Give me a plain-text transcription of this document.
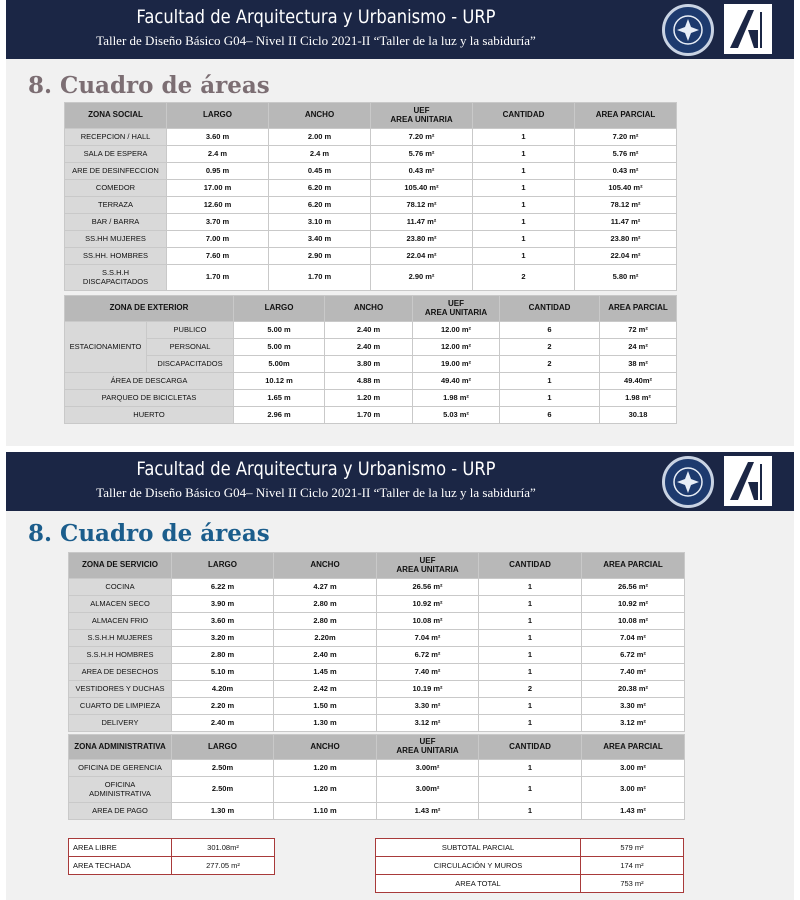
Facultad de Arquitectura y Urbanismo - URP
Taller de Diseño Básico G04– Nivel II Ciclo 2021-II “Taller de la luz y la sabiduría”
8. Cuadro de áreas
ZONA SOCIAL	LARGO	ANCHO	UEF
AREA UNITARIA	CANTIDAD	AREA PARCIAL
RECEPCION / HALL	3.60 m	2.00 m	7.20 m²	1	7.20 m²
SALA DE ESPERA	2.4 m	2.4 m	5.76 m²	1	5.76 m²
ARE DE DESINFECCION	0.95 m	0.45 m	0.43 m²	1	0.43 m²
COMEDOR	17.00 m	6.20 m	105.40 m²	1	105.40 m²
TERRAZA	12.60 m	6.20 m	78.12 m²	1	78.12 m²
BAR / BARRA	3.70 m	3.10 m	11.47 m²	1	11.47 m²
SS.HH MUJERES	7.00 m	3.40 m	23.80 m²	1	23.80 m²
SS.HH. HOMBRES	7.60 m	2.90 m	22.04 m²	1	22.04 m²
S.S.H.H
DISCAPACITADOS	1.70 m	1.70 m	2.90 m²	2	5.80 m²
ZONA DE EXTERIOR		LARGO	ANCHO	UEF
AREA UNITARIA	CANTIDAD	AREA PARCIAL
ESTACIONAMIENTO	PUBLICO	5.00 m	2.40 m	12.00 m²	6	72 m²
	PERSONAL	5.00 m	2.40 m	12.00 m²	2	24 m²
	DISCAPACITADOS	5.00m	3.80 m	19.00 m²	2	38 m²
ÁREA DE DESCARGA		10.12 m	4.88 m	49.40 m²	1	49.40m²
PARQUEO DE BICICLETAS		1.65 m	1.20 m	1.98 m²	1	1.98 m²
HUERTO		2.96 m	1.70 m	5.03 m²	6	30.18
Facultad de Arquitectura y Urbanismo - URP
Taller de Diseño Básico G04– Nivel II Ciclo 2021-II “Taller de la luz y la sabiduría”
8. Cuadro de áreas
ZONA DE SERVICIO	LARGO	ANCHO	UEF
AREA UNITARIA	CANTIDAD	AREA PARCIAL
COCINA	6.22 m	4.27 m	26.56 m²	1	26.56 m²
ALMACEN SECO	3.90 m	2.80 m	10.92 m²	1	10.92 m²
ALMACEN FRIO	3.60 m	2.80 m	10.08 m²	1	10.08 m²
S.S.H.H MUJERES	3.20 m	2.20m	7.04 m²	1	7.04 m²
S.S.H.H HOMBRES	2.80 m	2.40 m	6.72 m²	1	6.72 m²
AREA DE DESECHOS	5.10 m	1.45 m	7.40 m²	1	7.40 m²
VESTIDORES Y DUCHAS	4.20m	2.42 m	10.19 m²	2	20.38 m²
CUARTO DE LIMPIEZA	2.20 m	1.50 m	3.30 m²	1	3.30 m²
DELIVERY	2.40 m	1.30 m	3.12 m²	1	3.12 m²
ZONA ADMINISTRATIVA	LARGO	ANCHO	UEF
AREA UNITARIA	CANTIDAD	AREA PARCIAL
OFICINA DE GERENCIA	2.50m	1.20 m	3.00m²	1	3.00 m²
OFICINA
ADMINISTRATIVA	2.50m	1.20 m	3.00m²	1	3.00 m²
AREA DE PAGO	1.30 m	1.10 m	1.43 m²	1	1.43 m²
AREA LIBRE	301.08m²
AREA TECHADA	277.05 m²
SUBTOTAL PARCIAL	579 m²
CIRCULACIÓN Y MUROS	174 m²
AREA TOTAL	753 m²
